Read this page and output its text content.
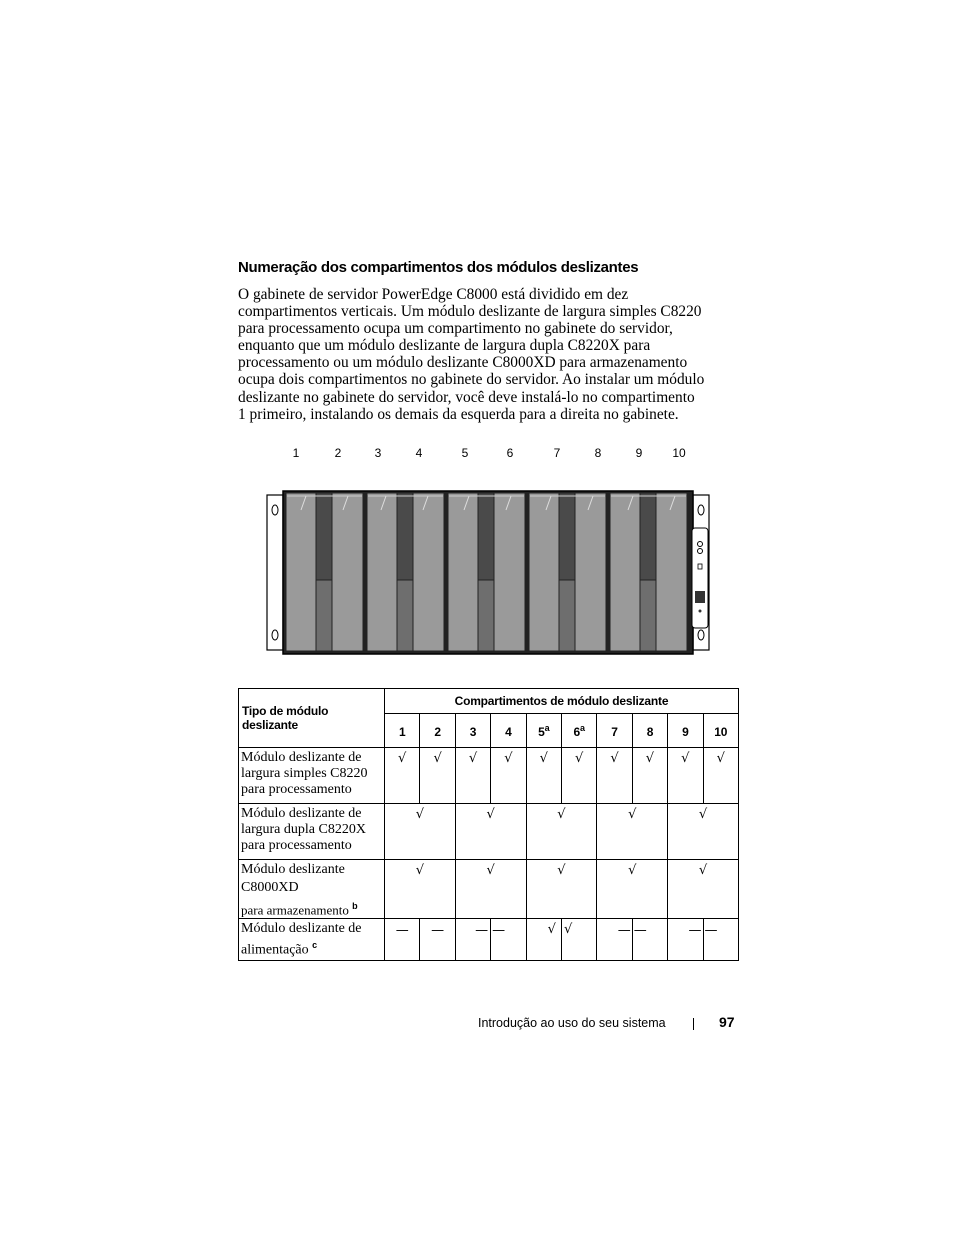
Numeração dos compartimentos dos módulos deslizantes
O gabinete de servidor PowerEdge C8000 está dividido em dez
compartimentos verticais. Um módulo deslizante de largura simples C8220
para processamento ocupa um compartimento no gabinete do servidor,
enquanto que um módulo deslizante de largura dupla C8220X para
processamento ou um módulo deslizante C8000XD para armazenamento
ocupa dois compartimentos no gabinete do servidor. Ao instalar um módulo
deslizante no gabinete do servidor, você deve instalá-lo no compartimento
1 primeiro, instalando os demais da esquerda para a direita no gabinete.
1	2	3	4	5	6	7	8	9 10
Tipo de módulo deslizante	Compartimentos de módulo deslizante									
	1	2	3	4	5$^a$	6$^a$	7	8	9	10

Módulo deslizante de
largura simples C8220
para processamento	√	√	√	√	√	√	√	√	√	√

Módulo deslizante de
largura dupla C8220X
para processamento	√		√		√		√		√	

Módulo deslizante
C8000XD
para armazenamento $^b$	√		√		√		√		√	

Módulo deslizante de
alimentação $^c$	—	—	—	—	√	√	—	—	—	—
Introdução ao uso do seu sistema	97
